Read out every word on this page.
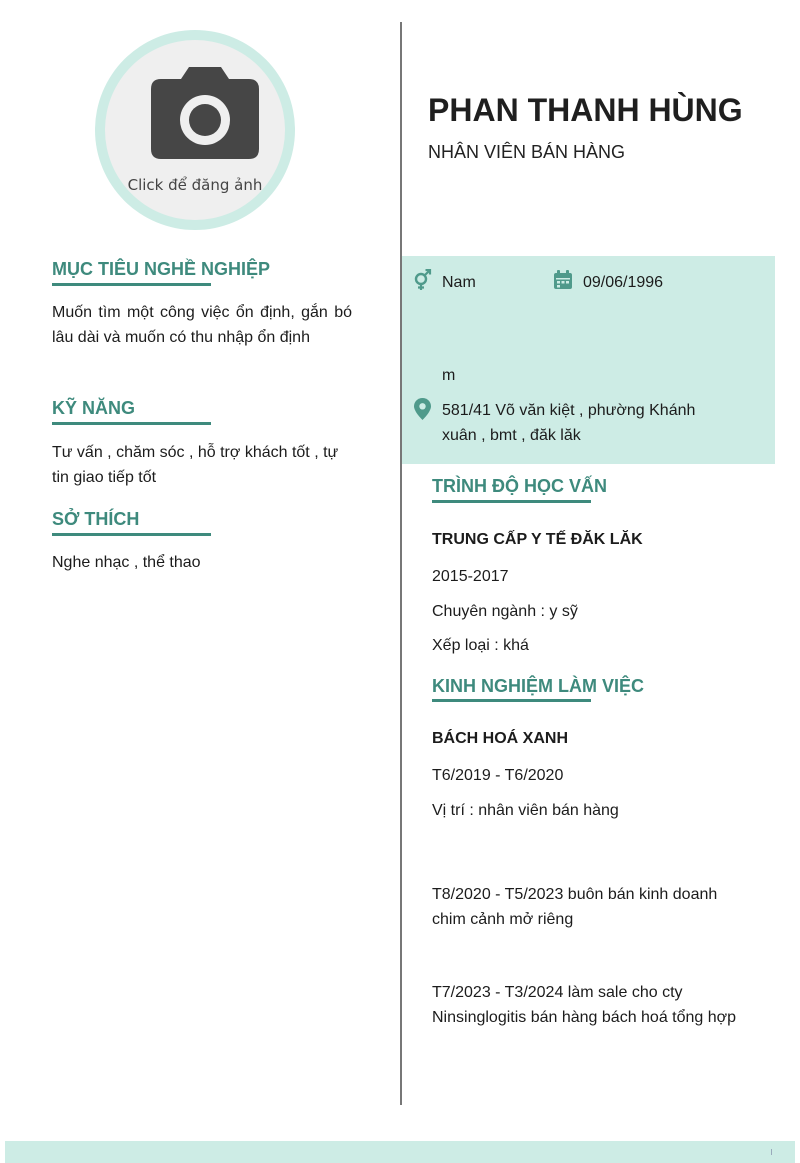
Click để đăng ảnh
MỤC TIÊU NGHỀ NGHIỆP
Muốn tìm một công việc ổn định, gắn bó lâu dài và muốn có thu nhập ổn định
KỸ NĂNG
Tư vấn , chăm sóc , hỗ trợ khách tốt , tự tin giao tiếp tốt
SỞ THÍCH
Nghe nhạc , thể thao
PHAN THANH HÙNG
NHÂN VIÊN BÁN HÀNG
Nam	09/06/1996
m
581/41 Võ văn kiệt , phường Khánh
xuân , bmt , đăk lăk
TRÌNH ĐỘ HỌC VẤN
TRUNG CẤP Y TẾ ĐĂK LĂK
2015-2017
Chuyên ngành : y sỹ
Xếp loại : khá
KINH NGHIỆM LÀM VIỆC
BÁCH HOÁ XANH
T6/2019 - T6/2020
Vị trí : nhân viên bán hàng
T8/2020 - T5/2023 buôn bán kinh doanh chim cảnh mở riêng
T7/2023 - T3/2024 làm sale cho cty Ninsinglogitis bán hàng bách hoá tổng hợp
